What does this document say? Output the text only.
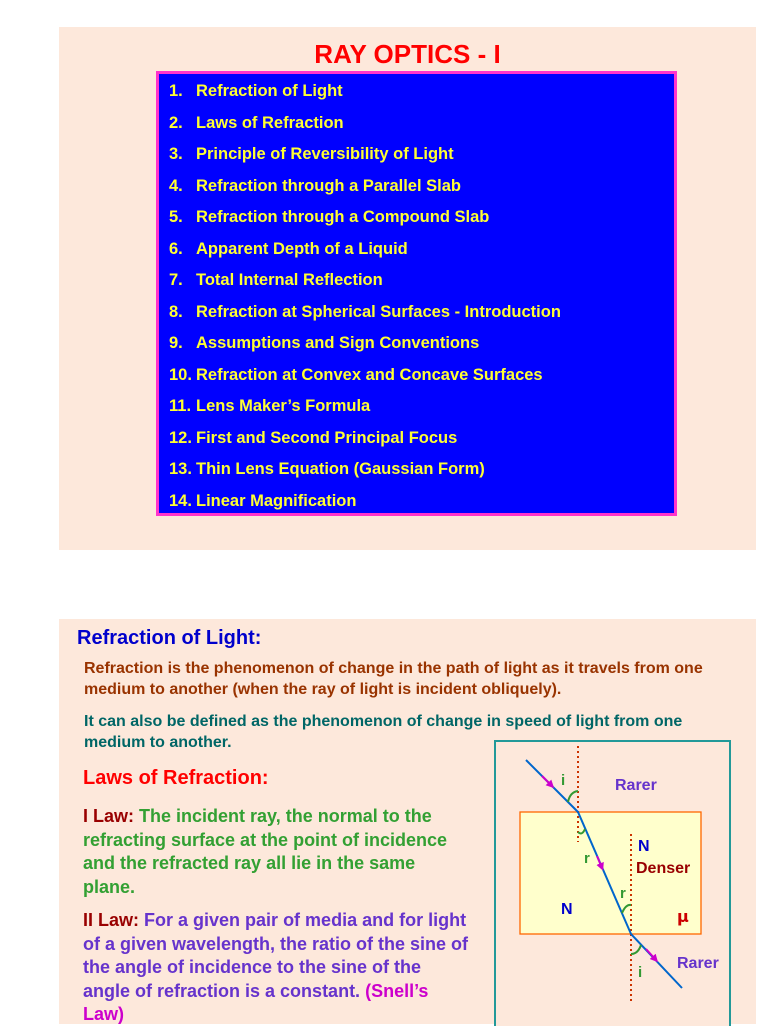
RAY OPTICS - I
1. Refraction of Light
2. Laws of Refraction
3. Principle of Reversibility of Light
4. Refraction through a Parallel Slab
5. Refraction through a Compound Slab
6. Apparent Depth of a Liquid
7. Total Internal Reflection
8. Refraction at Spherical Surfaces - Introduction
9. Assumptions and Sign Conventions
10. Refraction at Convex and Concave Surfaces
11. Lens Maker’s Formula
12. First and Second Principal Focus
13. Thin Lens Equation (Gaussian Form)
14. Linear Magnification
Refraction of Light:
Refraction is the phenomenon of change in the path of light as it travels from one medium to another (when the ray of light is incident obliquely).
It can also be defined as the phenomenon of change in speed of light from one medium to another.
Laws of Refraction:
I Law: The incident ray, the normal to the refracting surface at the point of incidence and the refracted ray all lie in the same plane.
II Law: For a given pair of media and for light of a given wavelength, the ratio of the sine of the angle of incidence to the sine of the angle of refraction is a constant. (Snell’s Law)
Rarer
i
N
r
Denser
r
N	μ
i
Rarer
